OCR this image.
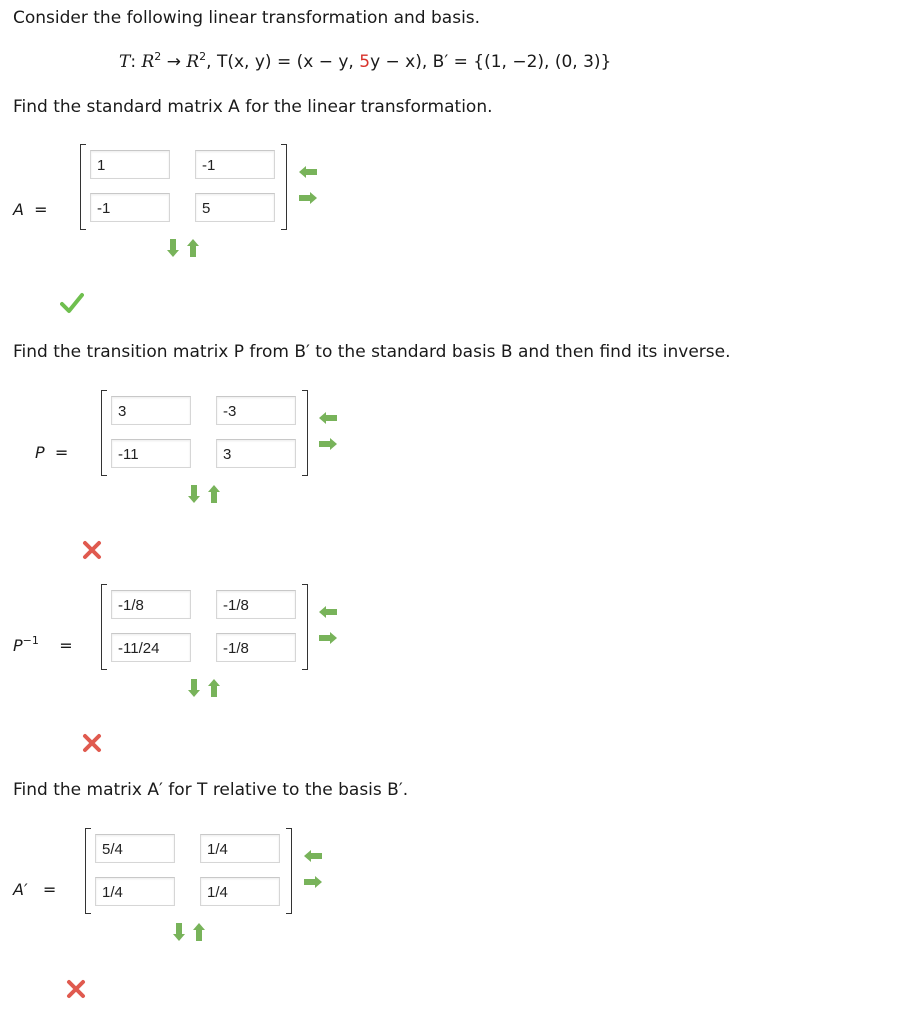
Consider the following linear transformation and basis.
T: $R^2 \to R^2$, T(x, y) = (x − y, 5y − x), B′ = {(1, −2), (0, 3)}
Find the standard matrix A for the linear transformation.
A =
1	-1
-1	5
Find the transition matrix P from B′ to the standard basis B and then find its inverse.
P =
3	-3
-11	3
$P^{-1}$ =
-1/8	-1/8
-11/24	-1/8
Find the matrix A′ for T relative to the basis B′.
A′ =
5/4	1/4
1/4	1/4
